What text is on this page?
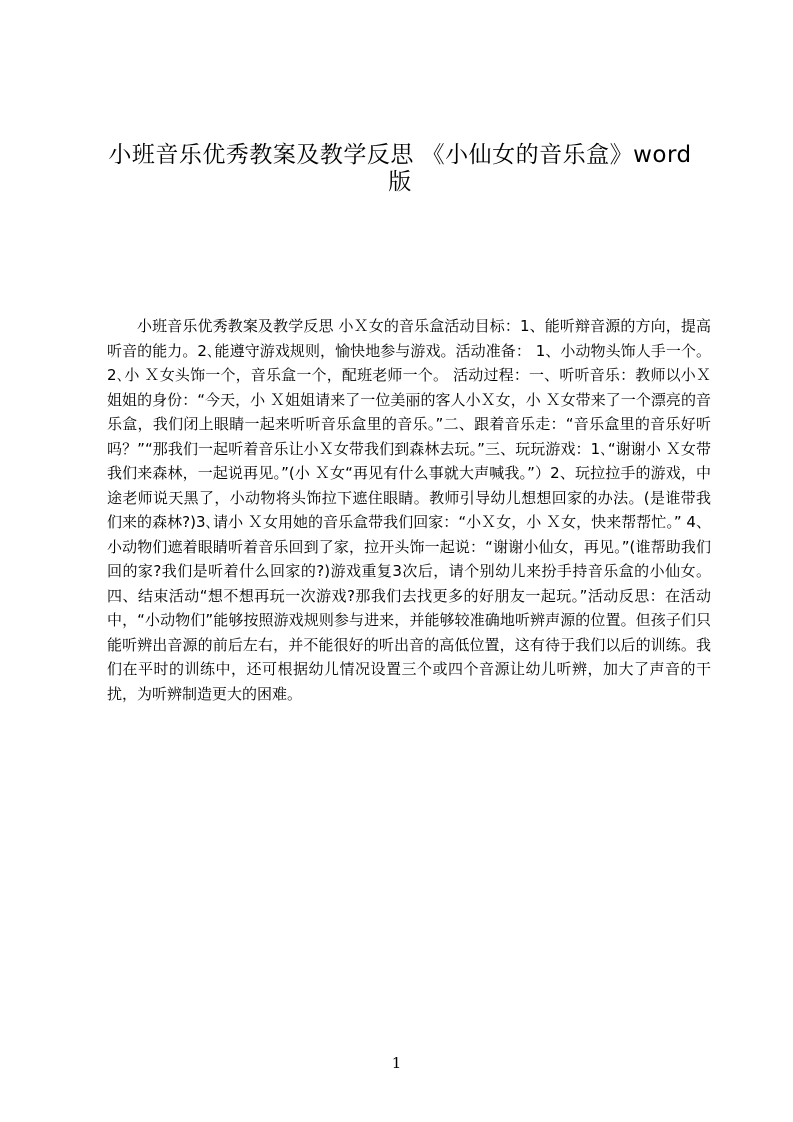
小班音乐优秀教案及教学反思 《小仙女的音乐盒》word版

小班音乐优秀教案及教学反思 小Ｘ女的音乐盒活动目标：1、能听辩音源的方向，提高听音的能力。2､能遵守游戏规则，愉快地参与游戏。活动准备： 1、小动物头饰人手一个。2､小 Ｘ女头饰一个，音乐盒一个，配班老师一个。 活动过程：一、听听音乐：教师以小Ｘ姐姐的身份：“今天，小 Ｘ姐姐请来了一位美丽的客人小Ｘ女，小 Ｘ女带来了一个漂亮的音乐盒，我们闭上眼睛一起来听听音乐盒里的音乐。”二、跟着音乐走：“音乐盒里的音乐好听吗？”“那我们一起听着音乐让小Ｘ女带我们到森林去玩。”三、玩玩游戏：1､“谢谢小 Ｘ女带我们来森林，一起说再见。”(小 Ｘ女“再见有什么事就大声喊我。”）2、玩拉拉手的游戏，中途老师说天黑了，小动物将头饰拉下遮住眼睛。教师引导幼儿想想回家的办法。(是谁带我们来的森林?)3､请小 Ｘ女用她的音乐盒带我们回家：“小Ｘ女，小 Ｘ女，快来帮帮忙。” 4、小动物们遮着眼睛听着音乐回到了家，拉开头饰一起说：“谢谢小仙女，再见。”(谁帮助我们回的家?我们是听着什么回家的?)游戏重复3次后，请个别幼儿来扮手持音乐盒的小仙女。 四、结束活动“想不想再玩一次游戏?那我们去找更多的好朋友一起玩。”活动反思：在活动中，“小动物们”能够按照游戏规则参与进来，并能够较准确地听辨声源的位置。但孩子们只能听辨出音源的前后左右，并不能很好的听出音的高低位置，这有待于我们以后的训练。我们在平时的训练中，还可根据幼儿情况设置三个或四个音源让幼儿听辨，加大了声音的干扰，为听辨制造更大的困难。

1
